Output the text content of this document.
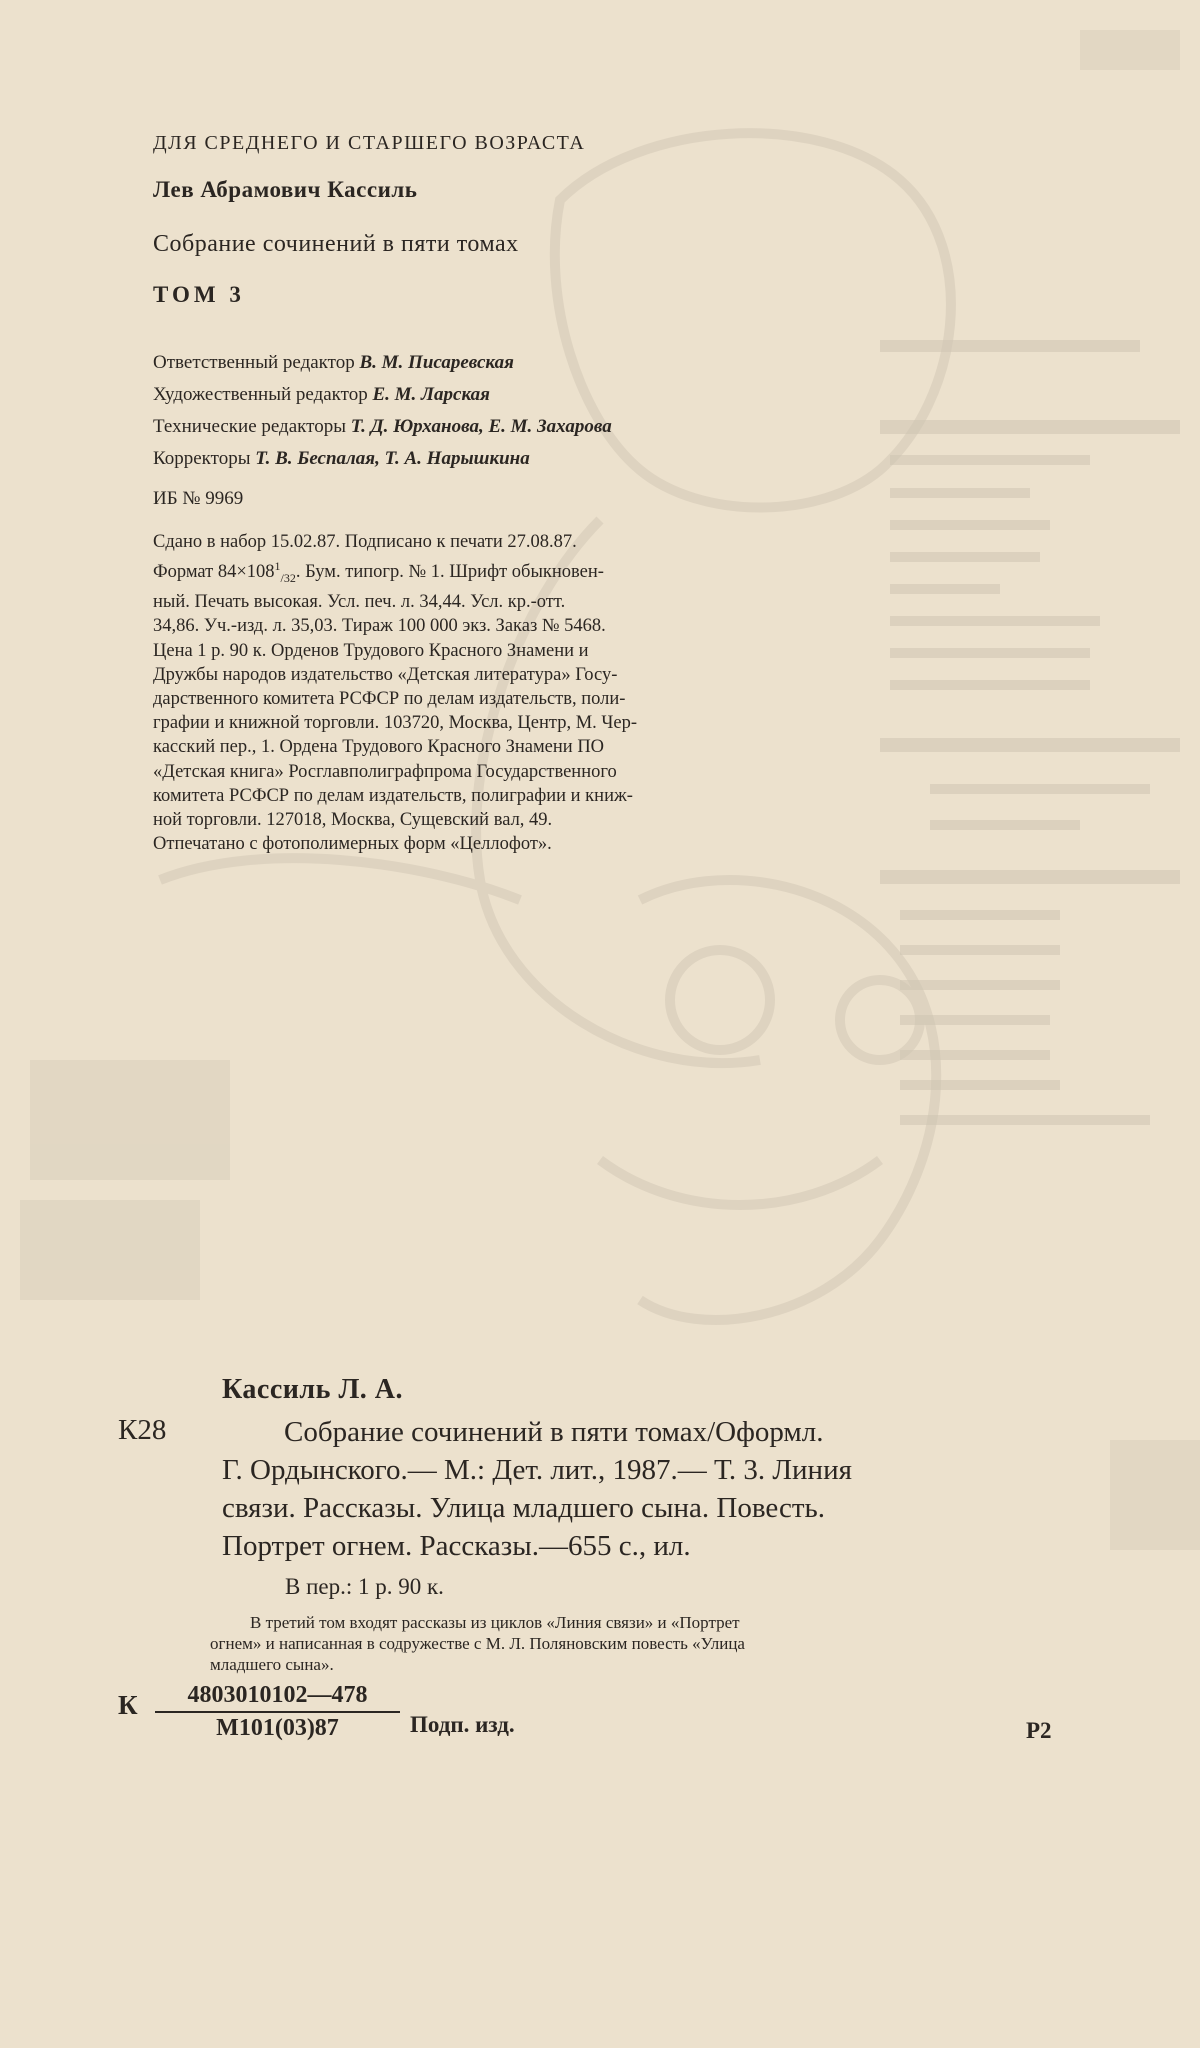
ДЛЯ СРЕДНЕГО И СТАРШЕГО ВОЗРАСТА
Лев Абрамович Кассиль
Собрание сочинений в пяти томах
ТОМ 3
Ответственный редактор В. М. Писаревская
Художественный редактор Е. М. Ларская
Технические редакторы Т. Д. Юрханова, Е. М. Захарова
Корректоры Т. В. Беспалая, Т. А. Нарышкина
ИБ № 9969
Сдано в набор 15.02.87. Подписано к печати 27.08.87.
Формат $84\times 108^1_{/32}$. Бум. типогр. № 1. Шрифт обыкновен-
ный. Печать высокая. Усл. печ. л. 34,44. Усл. кр.-отт.
34,86. Уч.-изд. л. 35,03. Тираж 100 000 экз. Заказ № 5468.
Цена 1 р. 90 к. Орденов Трудового Красного Знамени и
Дружбы народов издательство «Детская литература» Госу-
дарственного комитета РСФСР по делам издательств, поли-
графии и книжной торговли. 103720, Москва, Центр, М. Чер-
касский пер., 1. Ордена Трудового Красного Знамени ПО
«Детская книга» Росглавполиграфпрома Государственного
комитета РСФСР по делам издательств, полиграфии и книж-
ной торговли. 127018, Москва, Сущевский вал, 49.
Отпечатано с фотополимерных форм «Целлофот».
Кассиль Л. А.
К28	Собрание сочинений в пяти томах/Оформл.
Г. Ордынского.— М.: Дет. лит., 1987.— Т. 3. Линия
связи. Рассказы. Улица младшего сына. Повесть.
Портрет огнем. Рассказы.—655 с., ил.
В пер.: 1 р. 90 к.
В третий том входят рассказы из циклов «Линия связи» и «Портрет
огнем» и написанная в содружестве с М. Л. Поляновским повесть «Улица
младшего сына».
К	4803010102—478
М101(03)87	Подп. изд.	Р2
